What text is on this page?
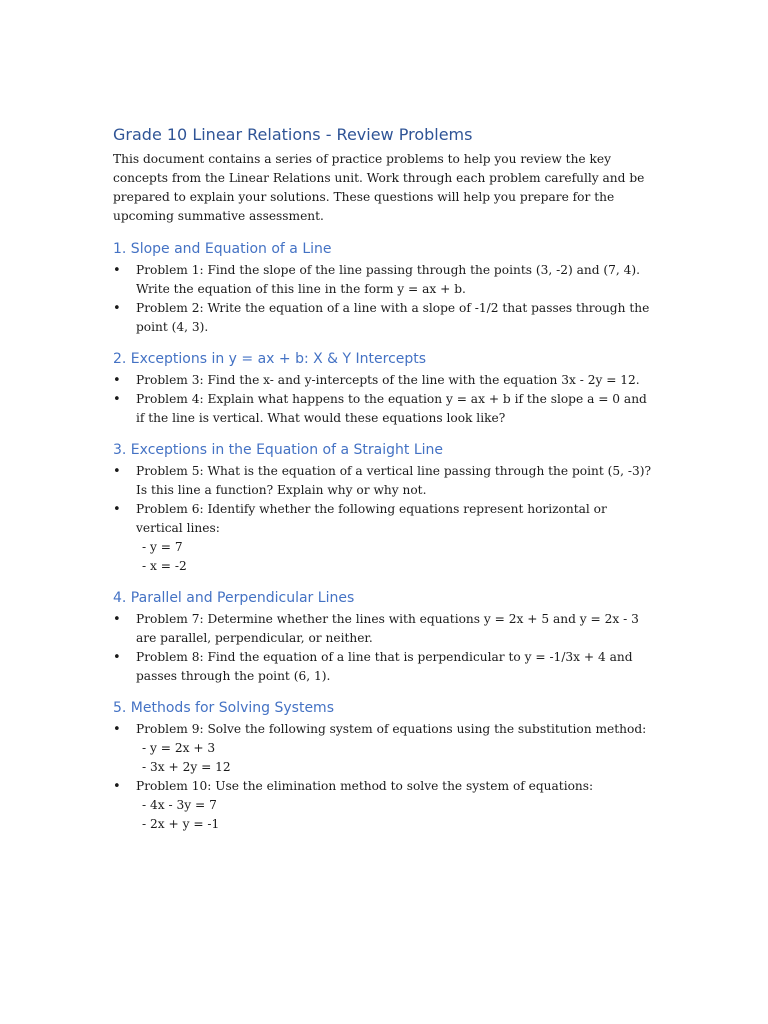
Grade 10 Linear Relations - Review Problems

This document contains a series of practice problems to help you review the key concepts from the Linear Relations unit. Work through each problem carefully and be prepared to explain your solutions. These questions will help you prepare for the upcoming summative assessment.

1. Slope and Equation of a Line
• Problem 1: Find the slope of the line passing through the points (3, -2) and (7, 4). Write the equation of this line in the form y = ax + b.
• Problem 2: Write the equation of a line with a slope of -1/2 that passes through the point (4, 3).
2. Exceptions in y = ax + b: X & Y Intercepts
• Problem 3: Find the x- and y-intercepts of the line with the equation 3x - 2y = 12.
• Problem 4: Explain what happens to the equation y = ax + b if the slope a = 0 and if the line is vertical. What would these equations look like?
3. Exceptions in the Equation of a Straight Line
• Problem 5: What is the equation of a vertical line passing through the point (5, -3)? Is this line a function? Explain why or why not.
• Problem 6: Identify whether the following equations represent horizontal or vertical lines:
- y = 7
- x = -2
4. Parallel and Perpendicular Lines
• Problem 7: Determine whether the lines with equations y = 2x + 5 and y = 2x - 3 are parallel, perpendicular, or neither.
• Problem 8: Find the equation of a line that is perpendicular to y = -1/3x + 4 and passes through the point (6, 1).
5. Methods for Solving Systems
• Problem 9: Solve the following system of equations using the substitution method:
- y = 2x + 3
- 3x + 2y = 12
• Problem 10: Use the elimination method to solve the system of equations:
- 4x - 3y = 7
- 2x + y = -1
